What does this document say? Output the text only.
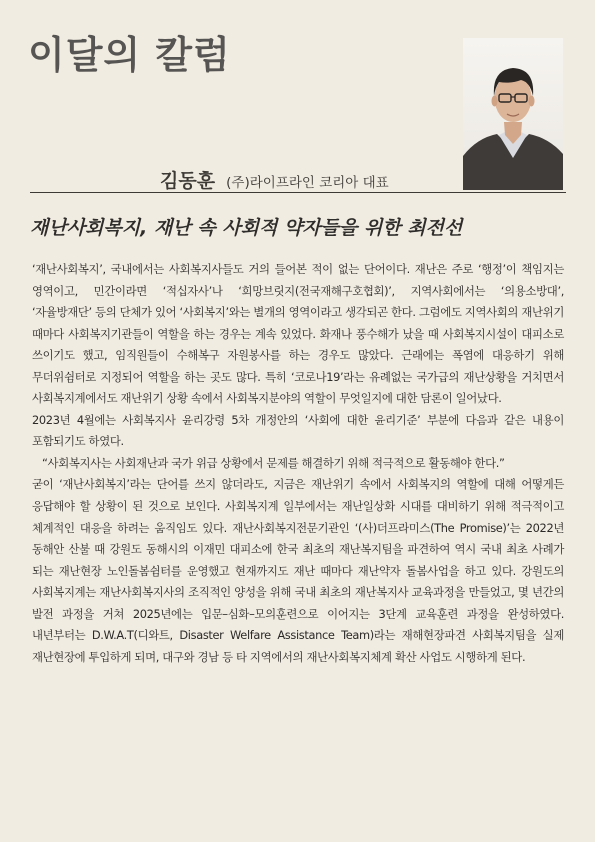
이달의 칼럼
김동훈 (주)라이프라인 코리아 대표
재난사회복지, 재난 속 사회적 약자들을 위한 최전선

‘재난사회복지’, 국내에서는 사회복지사들도 거의 들어본 적이 없는 단어이다. 재난은 주로 ‘행정’이 책임지는 영역이고, 민간이라면 ‘적십자사’나 ‘희망브릿지(전국재해구호협회)’, 지역사회에서는 ‘의용소방대’, ‘자율방재단’ 등의 단체가 있어 ‘사회복지’와는 별개의 영역이라고 생각되곤 한다. 그럼에도 지역사회의 재난위기 때마다 사회복지기관들이 역할을 하는 경우는 계속 있었다. 화재나 풍수해가 났을 때 사회복지시설이 대피소로 쓰이기도 했고, 임직원들이 수해복구 자원봉사를 하는 경우도 많았다. 근래에는 폭염에 대응하기 위해 무더위쉼터로 지정되어 역할을 하는 곳도 많다. 특히 ‘코로나19’라는 유례없는 국가급의 재난상황을 거치면서 사회복지계에서도 재난위기 상황 속에서 사회복지분야의 역할이 무엇일지에 대한 담론이 일어났다.

2023년 4월에는 사회복지사 윤리강령 5차 개정안의 ‘사회에 대한 윤리기준’ 부분에 다음과 같은 내용이 포함되기도 하였다.

“사회복지사는 사회재난과 국가 위급 상황에서 문제를 해결하기 위해 적극적으로 활동해야 한다.”

굳이 ‘재난사회복지’라는 단어를 쓰지 않더라도, 지금은 재난위기 속에서 사회복지의 역할에 대해 어떻게든 응답해야 할 상황이 된 것으로 보인다. 사회복지계 일부에서는 재난일상화 시대를 대비하기 위해 적극적이고 체계적인 대응을 하려는 움직임도 있다. 재난사회복지전문기관인 ‘(사)더프라미스(The Promise)’는 2022년 동해안 산불 때 강원도 동해시의 이재민 대피소에 한국 최초의 재난복지팀을 파견하여 역시 국내 최초 사례가 되는 재난현장 노인돌봄쉼터를 운영했고 현재까지도 재난 때마다 재난약자 돌봄사업을 하고 있다. 강원도의 사회복지계는 재난사회복지사의 조직적인 양성을 위해 국내 최초의 재난복지사 교육과정을 만들었고, 몇 년간의 발전 과정을 거쳐 2025년에는 입문–심화–모의훈련으로 이어지는 3단계 교육훈련 과정을 완성하였다. 내년부터는 D.W.A.T(디와트, Disaster Welfare Assistance Team)라는 재해현장파견 사회복지팀을 실제 재난현장에 투입하게 되며, 대구와 경남 등 타 지역에서의 재난사회복지체계 확산 사업도 시행하게 된다.
